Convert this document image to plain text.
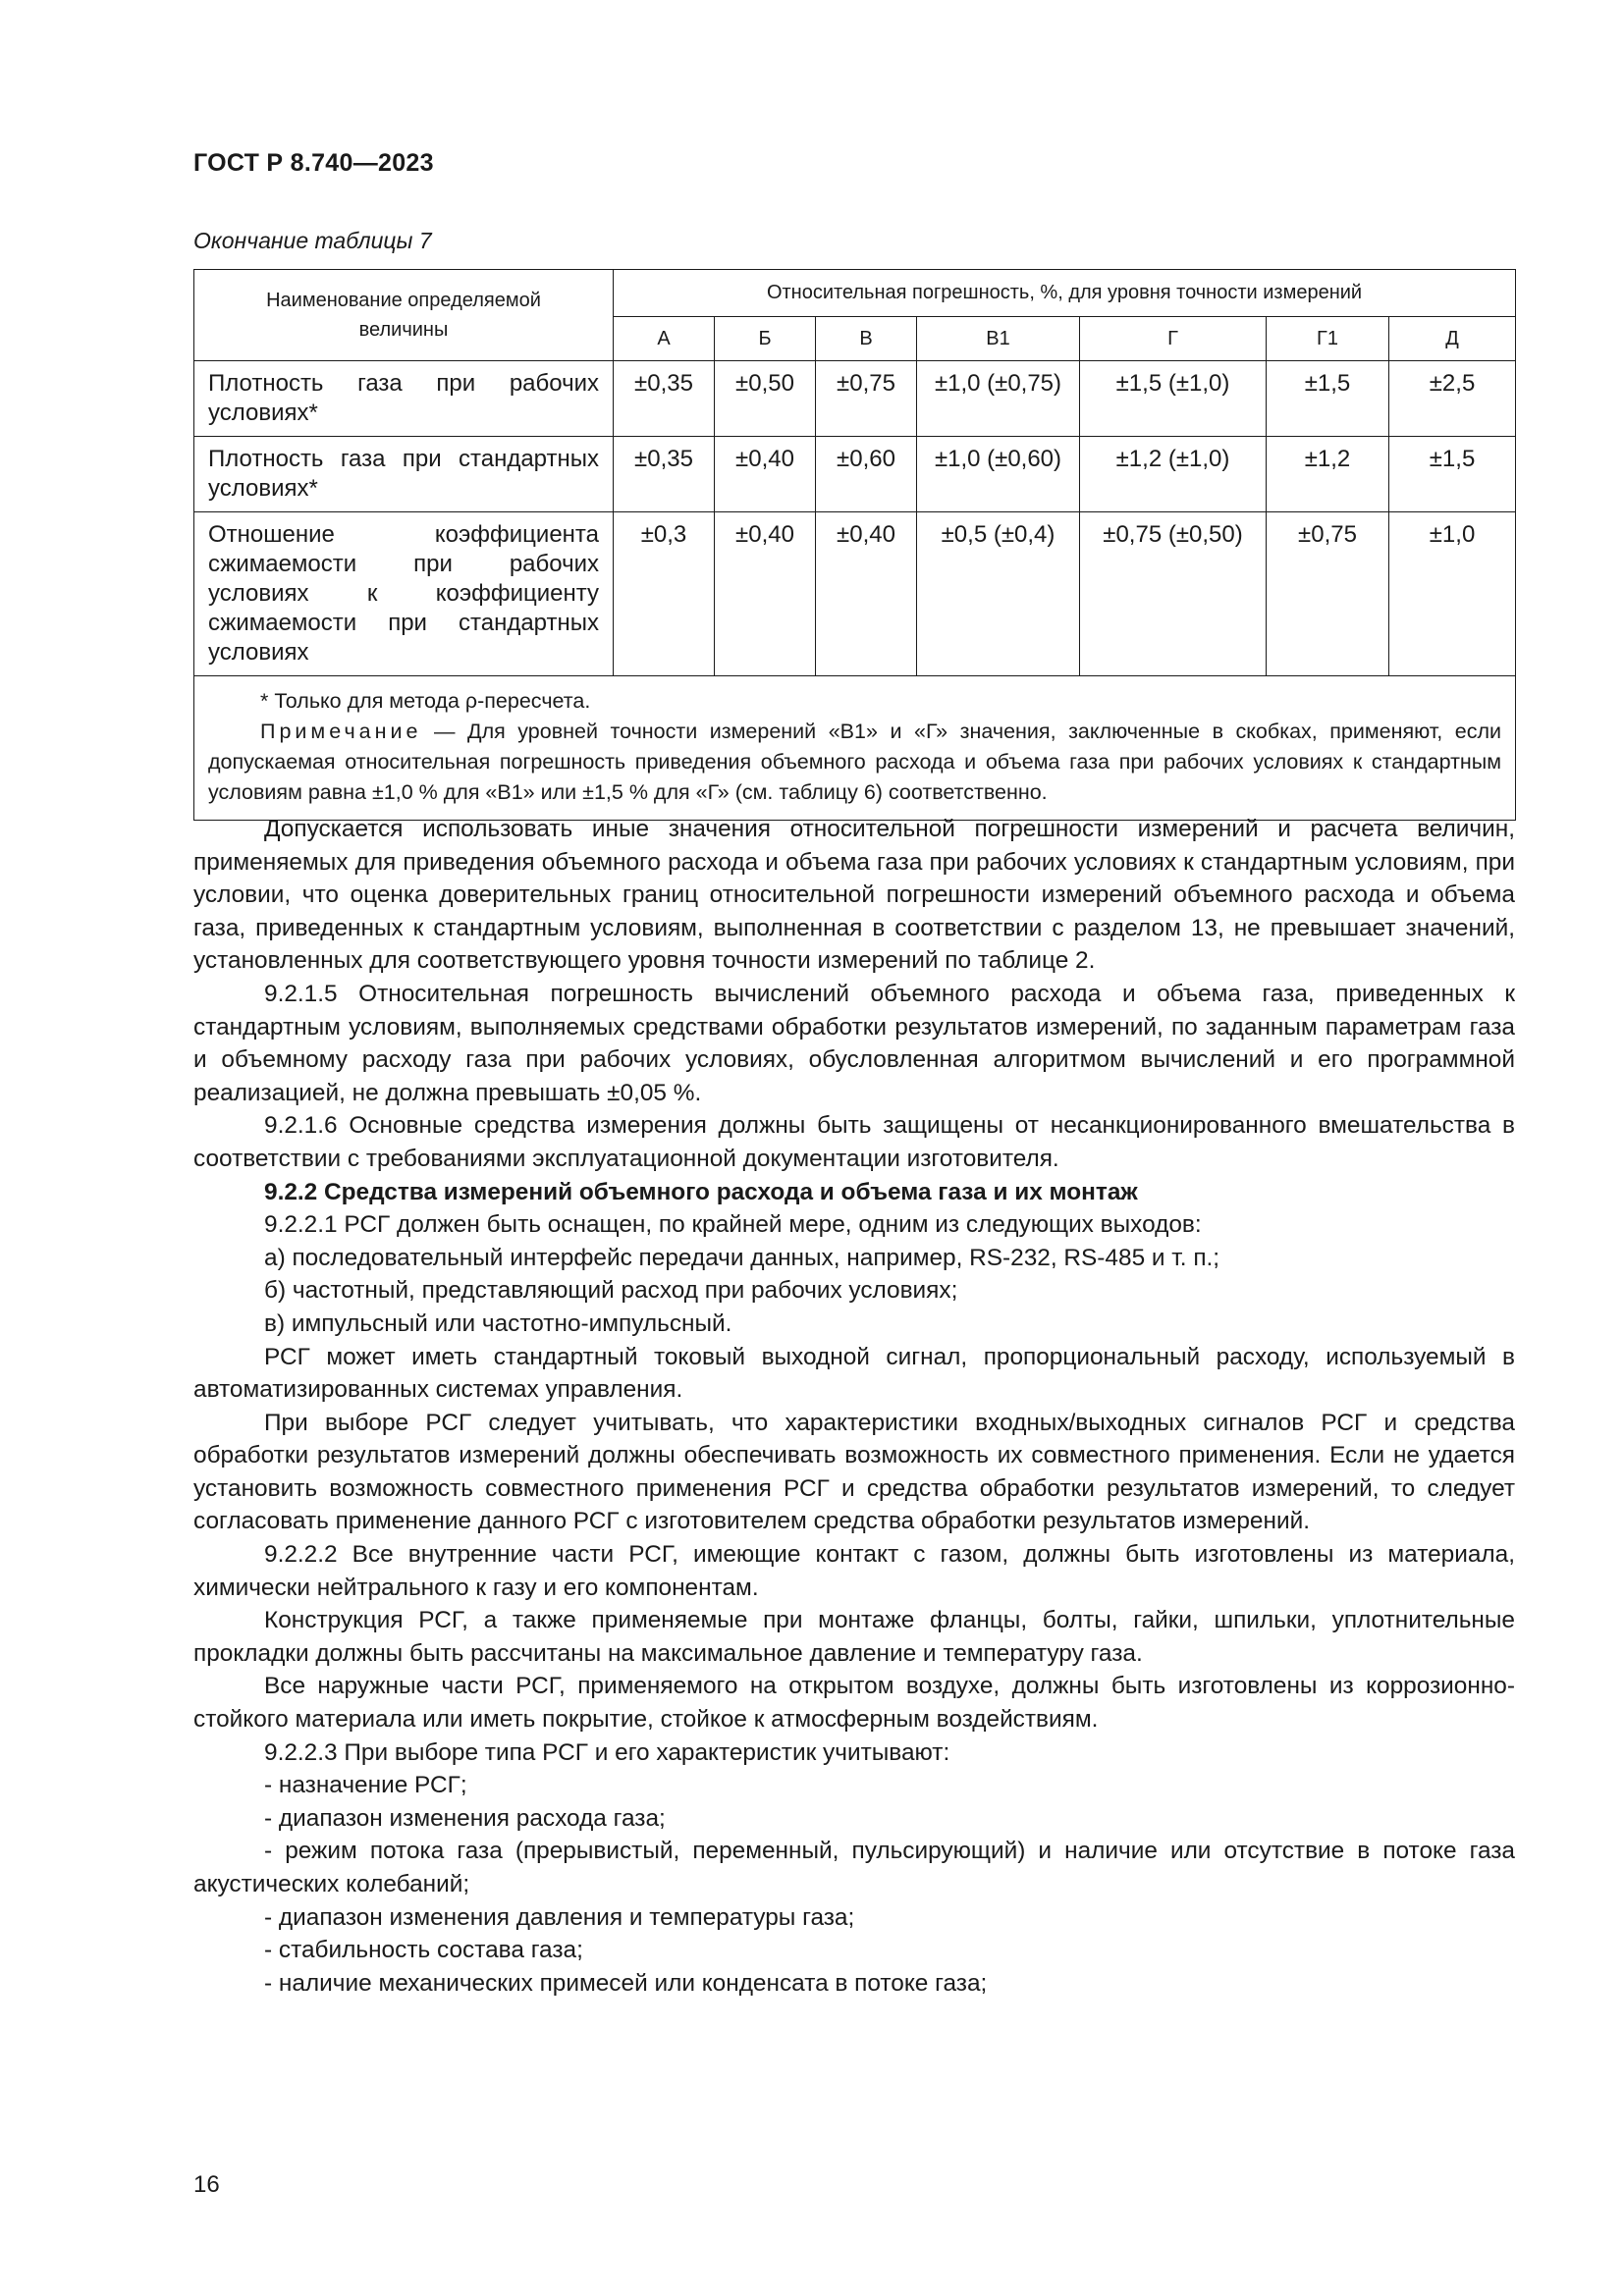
ГОСТ Р 8.740—2023
Окончание таблицы 7
Наименование определяемой величины	Относительная погрешность, %, для уровня точности измерений						
	А	Б	В	В1	Г	Г1	Д
Плотность газа при рабочих условиях*	±0,35	±0,50	±0,75	±1,0 (±0,75)	±1,5 (±1,0)	±1,5	±2,5
Плотность газа при стандартных условиях*	±0,35	±0,40	±0,60	±1,0 (±0,60)	±1,2 (±1,0)	±1,2	±1,5
Отношение коэффициента сжимаемости при рабочих условиях к коэффициенту сжимаемости при стандартных условиях	±0,3	±0,40	±0,40	±0,5 (±0,4)	±0,75 (±0,50)	±0,75	±1,0

* Только для метода ρ-пересчета.
Примечание — Для уровней точности измерений «В1» и «Г» значения, заключенные в скобках, применяют, если допускаемая относительная погрешность приведения объемного расхода и объема газа при рабочих условиях к стандартным условиям равна ±1,0 % для «В1» или ±1,5 % для «Г» (см. таблицу 6) соответственно.							

Допускается использовать иные значения относительной погрешности измерений и расчета величин, применяемых для приведения объемного расхода и объема газа при рабочих условиях к стандартным условиям, при условии, что оценка доверительных границ относительной погрешности измерений объемного расхода и объема газа, приведенных к стандартным условиям, выполненная в соответствии с разделом 13, не превышает значений, установленных для соответствующего уровня точности измерений по таблице 2.

9.2.1.5 Относительная погрешность вычислений объемного расхода и объема газа, приведенных к стандартным условиям, выполняемых средствами обработки результатов измерений, по заданным параметрам газа и объемному расходу газа при рабочих условиях, обусловленная алгоритмом вычислений и его программной реализацией, не должна превышать ±0,05 %.

9.2.1.6 Основные средства измерения должны быть защищены от несанкционированного вмешательства в соответствии с требованиями эксплуатационной документации изготовителя.

9.2.2 Средства измерений объемного расхода и объема газа и их монтаж

9.2.2.1 РСГ должен быть оснащен, по крайней мере, одним из следующих выходов:

а) последовательный интерфейс передачи данных, например, RS-232, RS-485 и т. п.;

б) частотный, представляющий расход при рабочих условиях;

в) импульсный или частотно-импульсный.

РСГ может иметь стандартный токовый выходной сигнал, пропорциональный расходу, используемый в автоматизированных системах управления.

При выборе РСГ следует учитывать, что характеристики входных/выходных сигналов РСГ и средства обработки результатов измерений должны обеспечивать возможность их совместного применения. Если не удается установить возможность совместного применения РСГ и средства обработки результатов измерений, то следует согласовать применение данного РСГ с изготовителем средства обработки результатов измерений.

9.2.2.2 Все внутренние части РСГ, имеющие контакт с газом, должны быть изготовлены из материала, химически нейтрального к газу и его компонентам.

Конструкция РСГ, а также применяемые при монтаже фланцы, болты, гайки, шпильки, уплотнительные прокладки должны быть рассчитаны на максимальное давление и температуру газа.

Все наружные части РСГ, применяемого на открытом воздухе, должны быть изготовлены из коррозионно-стойкого материала или иметь покрытие, стойкое к атмосферным воздействиям.

9.2.2.3 При выборе типа РСГ и его характеристик учитывают:

- назначение РСГ;

- диапазон изменения расхода газа;

- режим потока газа (прерывистый, переменный, пульсирующий) и наличие или отсутствие в потоке газа акустических колебаний;

- диапазон изменения давления и температуры газа;

- стабильность состава газа;

- наличие механических примесей или конденсата в потоке газа;

16
